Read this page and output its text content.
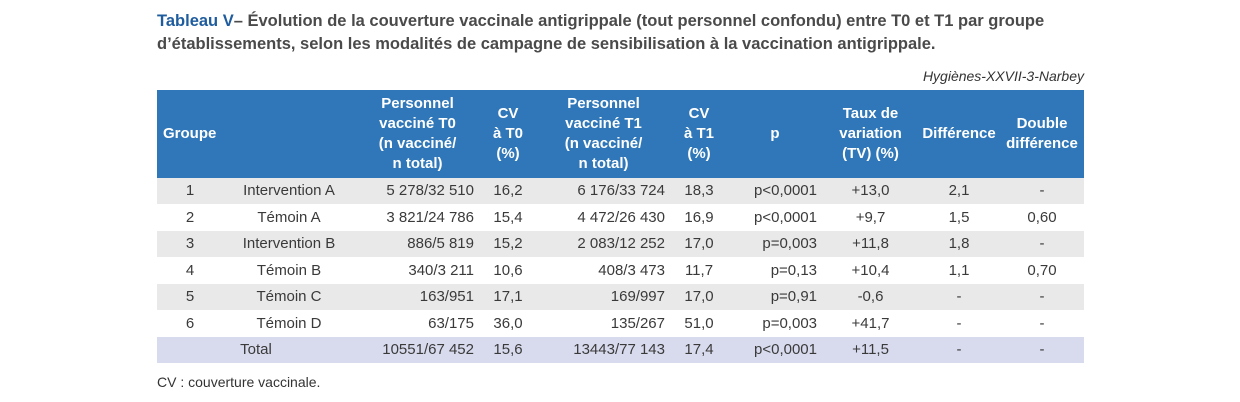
Tableau V– Évolution de la couverture vaccinale antigrippale (tout personnel confondu) entre T0 et T1 par groupe d’établissements, selon les modalités de campagne de sensibilisation à la vaccination antigrippale.
Hygiènes-XXVII-3-Narbey
Groupe		Personnel
vacciné T0
(n vacciné/
n total)	CV
à T0
(%)	Personnel
vacciné T1
(n vacciné/
n total)	CV
à T1
(%)	p	Taux de
variation
(TV) (%)	Différence	Double
différence
1	Intervention A	5 278/32 510	16,2	6 176/33 724	18,3	p<0,0001	+13,0	2,1	-
2	Témoin A	3 821/24 786	15,4	4 472/26 430	16,9	p<0,0001	+9,7	1,5	0,60
3	Intervention B	886/5 819	15,2	2 083/12 252	17,0	p=0,003	+11,8	1,8	-
4	Témoin B	340/3 211	10,6	408/3 473	11,7	p=0,13	+10,4	1,1	0,70
5	Témoin C	163/951	17,1	169/997	17,0	p=0,91	-0,6	-	-
6	Témoin D	63/175	36,0	135/267	51,0	p=0,003	+41,7	-	-
Total		10551/67 452	15,6	13443/77 143	17,4	p<0,0001	+11,5	-	-
CV : couverture vaccinale.
